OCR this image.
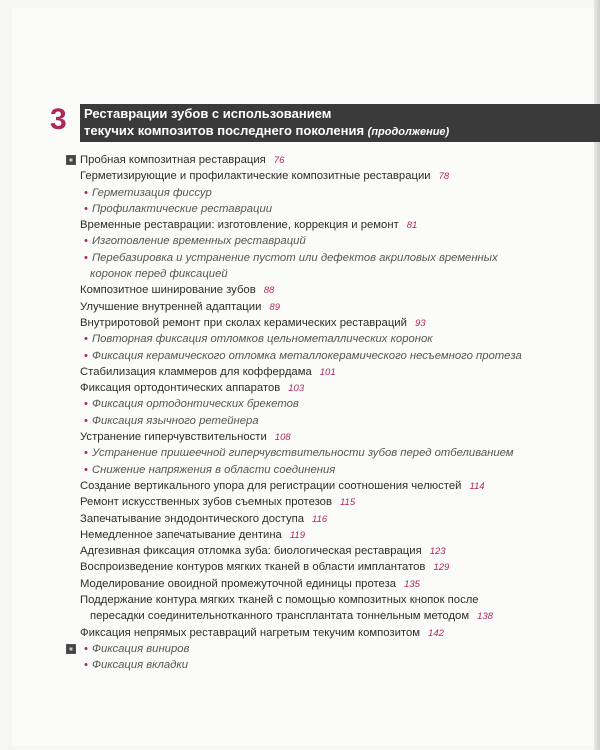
3 Реставрации зубов с использованием
текучих композитов последнего поколения (продолжение)
Пробная композитная реставрация 76
Герметизирующие и профилактические композитные реставрации 78
• Герметизация фиссур
• Профилактические реставрации
Временные реставрации: изготовление, коррекция и ремонт 81
• Изготовление временных реставраций
• Перебазировка и устранение пустот или дефектов акриловых временных
коронок перед фиксацией
Композитное шинирование зубов 88
Улучшение внутренней адаптации 89
Внутриротовой ремонт при сколах керамических реставраций 93
• Повторная фиксация отломков цельнометаллических коронок
• Фиксация керамического отломка металлокерамического несъемного протеза
Стабилизация кламмеров для коффердама 101
Фиксация ортодонтических аппаратов 103
• Фиксация ортодонтических брекетов
• Фиксация язычного ретейнера
Устранение гиперчувствительности 108
• Устранение пришеечной гиперчувствительности зубов перед отбеливанием
• Снижение напряжения в области соединения
Создание вертикального упора для регистрации соотношения челюстей 114
Ремонт искусственных зубов съемных протезов 115
Запечатывание эндодонтического доступа 116
Немедленное запечатывание дентина 119
Адгезивная фиксация отломка зуба: биологическая реставрация 123
Воспроизведение контуров мягких тканей в области имплантатов 129
Моделирование овоидной промежуточной единицы протеза 135
Поддержание контура мягких тканей с помощью композитных кнопок после
пересадки соединительнотканного трансплантата тоннельным методом 138
Фиксация непрямых реставраций нагретым текучим композитом 142
• Фиксация виниров
• Фиксация вкладки
